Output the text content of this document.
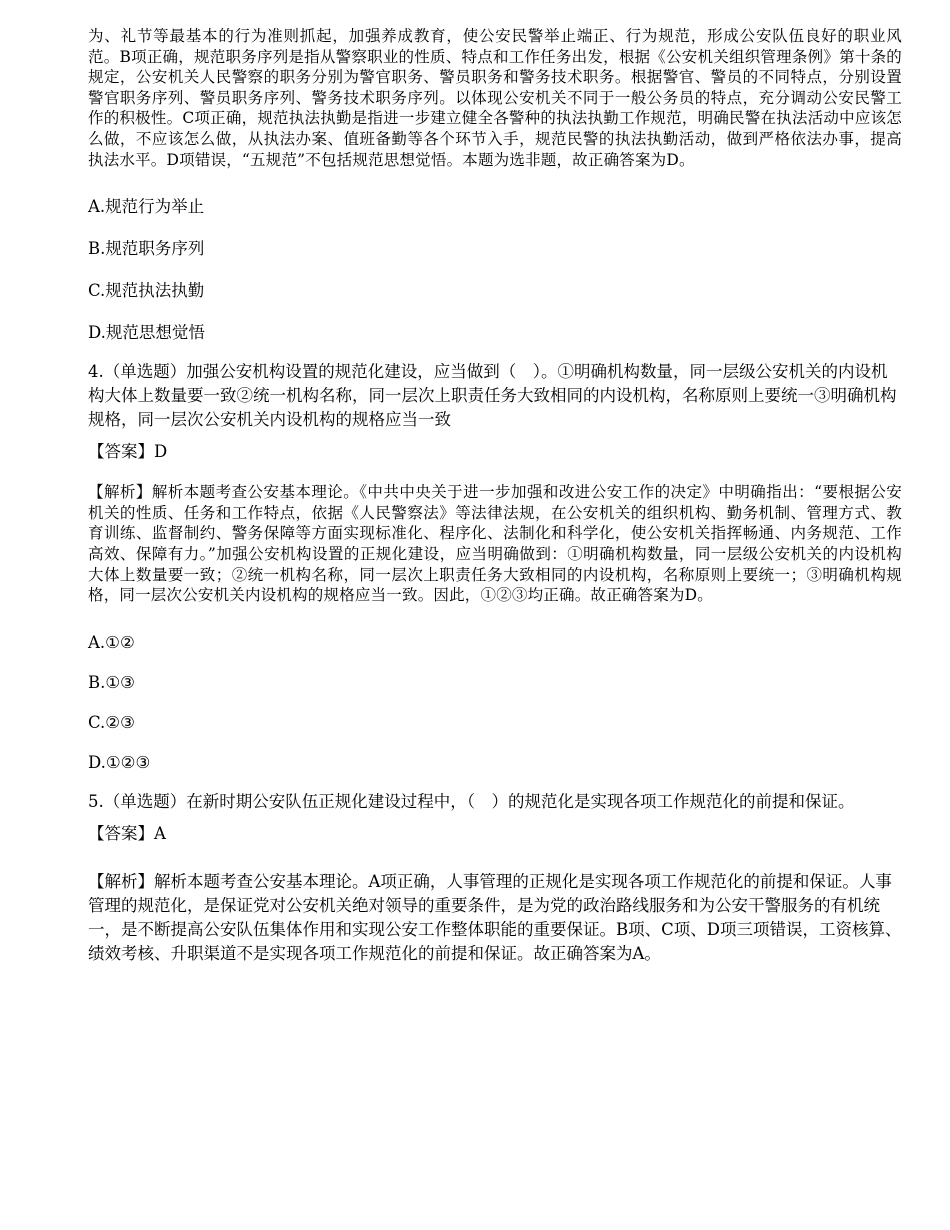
为、礼节等最基本的行为准则抓起，加强养成教育，使公安民警举止端正、行为规范，形成公安队伍良好的职业风范。B项正确，规范职务序列是指从警察职业的性质、特点和工作任务出发，根据《公安机关组织管理条例》第十条的规定，公安机关人民警察的职务分别为警官职务、警员职务和警务技术职务。根据警官、警员的不同特点，分别设置警官职务序列、警员职务序列、警务技术职务序列。以体现公安机关不同于一般公务员的特点，充分调动公安民警工作的积极性。C项正确，规范执法执勤是指进一步建立健全各警种的执法执勤工作规范，明确民警在执法活动中应该怎么做，不应该怎么做，从执法办案、值班备勤等各个环节入手，规范民警的执法执勤活动，做到严格依法办事，提高执法水平。D项错误，“五规范”不包括规范思想觉悟。本题为选非题，故正确答案为D。

A.规范行为举止

B.规范职务序列

C.规范执法执勤

D.规范思想觉悟

4.（单选题）加强公安机构设置的规范化建设，应当做到（　）。①明确机构数量，同一层级公安机关的内设机构大体上数量要一致②统一机构名称，同一层次上职责任务大致相同的内设机构，名称原则上要统一③明确机构规格，同一层次公安机关内设机构的规格应当一致

【答案】D

【解析】解析本题考查公安基本理论。《中共中央关于进一步加强和改进公安工作的决定》中明确指出：“要根据公安机关的性质、任务和工作特点，依据《人民警察法》等法律法规，在公安机关的组织机构、勤务机制、管理方式、教育训练、监督制约、警务保障等方面实现标准化、程序化、法制化和科学化，使公安机关指挥畅通、内务规范、工作高效、保障有力。”加强公安机构设置的正规化建设，应当明确做到：①明确机构数量，同一层级公安机关的内设机构大体上数量要一致；②统一机构名称，同一层次上职责任务大致相同的内设机构，名称原则上要统一；③明确机构规格，同一层次公安机关内设机构的规格应当一致。因此，①②③均正确。故正确答案为D。

A.①②

B.①③

C.②③

D.①②③

5.（单选题）在新时期公安队伍正规化建设过程中，（　）的规范化是实现各项工作规范化的前提和保证。

【答案】A

【解析】解析本题考查公安基本理论。A项正确，人事管理的正规化是实现各项工作规范化的前提和保证。人事管理的规范化，是保证党对公安机关绝对领导的重要条件，是为党的政治路线服务和为公安干警服务的有机统一，是不断提高公安队伍集体作用和实现公安工作整体职能的重要保证。B项、C项、D项三项错误，工资核算、绩效考核、升职渠道不是实现各项工作规范化的前提和保证。故正确答案为A。
